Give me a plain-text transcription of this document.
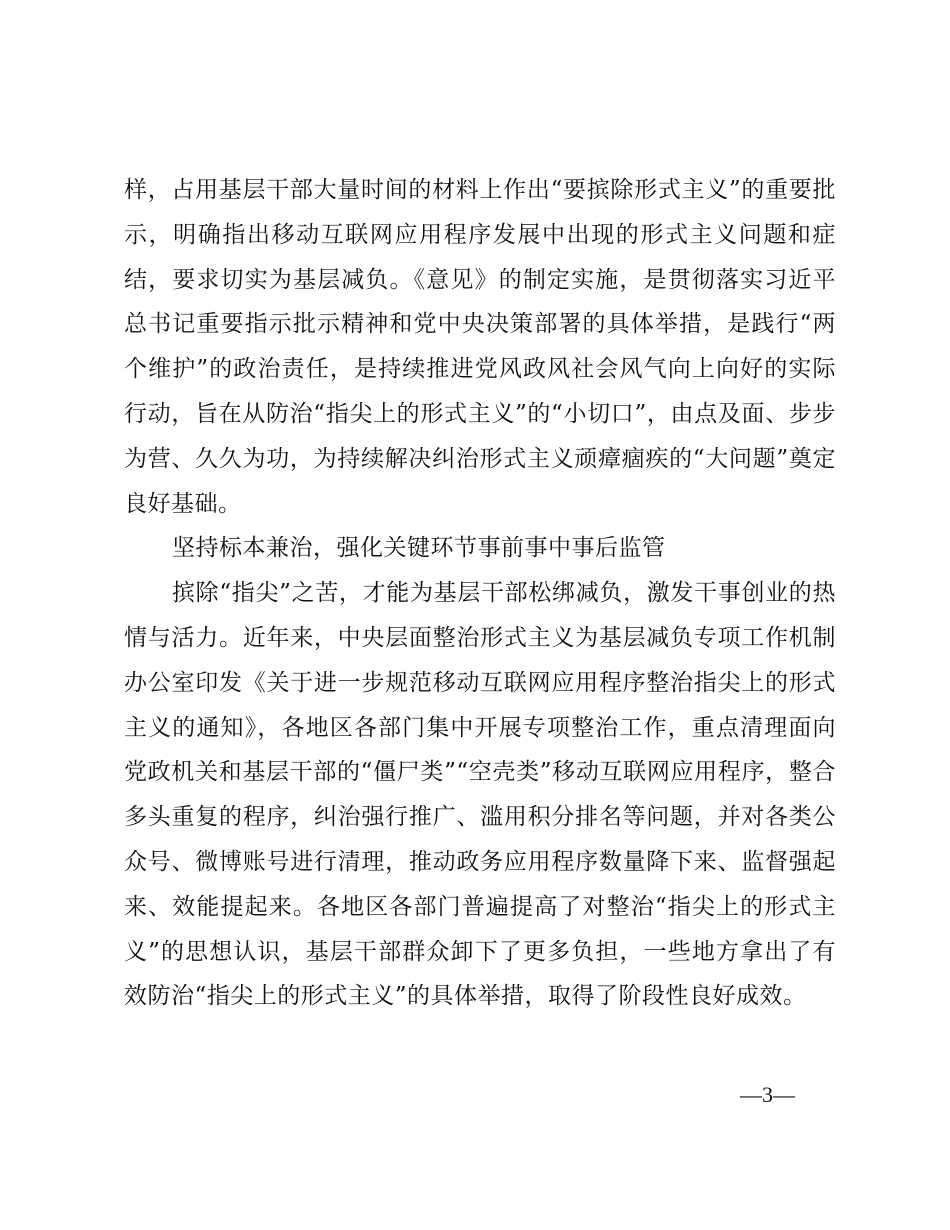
样，占用基层干部大量时间的材料上作出“要摈除形式主义”的重要批示，明确指出移动互联网应用程序发展中出现的形式主义问题和症结，要求切实为基层减负。《意见》的制定实施，是贯彻落实习近平总书记重要指示批示精神和党中央决策部署的具体举措，是践行“两个维护”的政治责任，是持续推进党风政风社会风气向上向好的实际行动，旨在从防治“指尖上的形式主义”的“小切口”，由点及面、步步为营、久久为功，为持续解决纠治形式主义顽瘴痼疾的“大问题”奠定良好基础。

坚持标本兼治，强化关键环节事前事中事后监管

摈除“指尖”之苦，才能为基层干部松绑减负，激发干事创业的热情与活力。近年来，中央层面整治形式主义为基层减负专项工作机制办公室印发《关于进一步规范移动互联网应用程序整治指尖上的形式主义的通知》，各地区各部门集中开展专项整治工作，重点清理面向党政机关和基层干部的“僵尸类”“空壳类”移动互联网应用程序，整合多头重复的程序，纠治强行推广、滥用积分排名等问题，并对各类公众号、微博账号进行清理，推动政务应用程序数量降下来、监督强起来、效能提起来。各地区各部门普遍提高了对整治“指尖上的形式主义”的思想认识，基层干部群众卸下了更多负担，一些地方拿出了有效防治“指尖上的形式主义”的具体举措，取得了阶段性良好成效。

—3—
